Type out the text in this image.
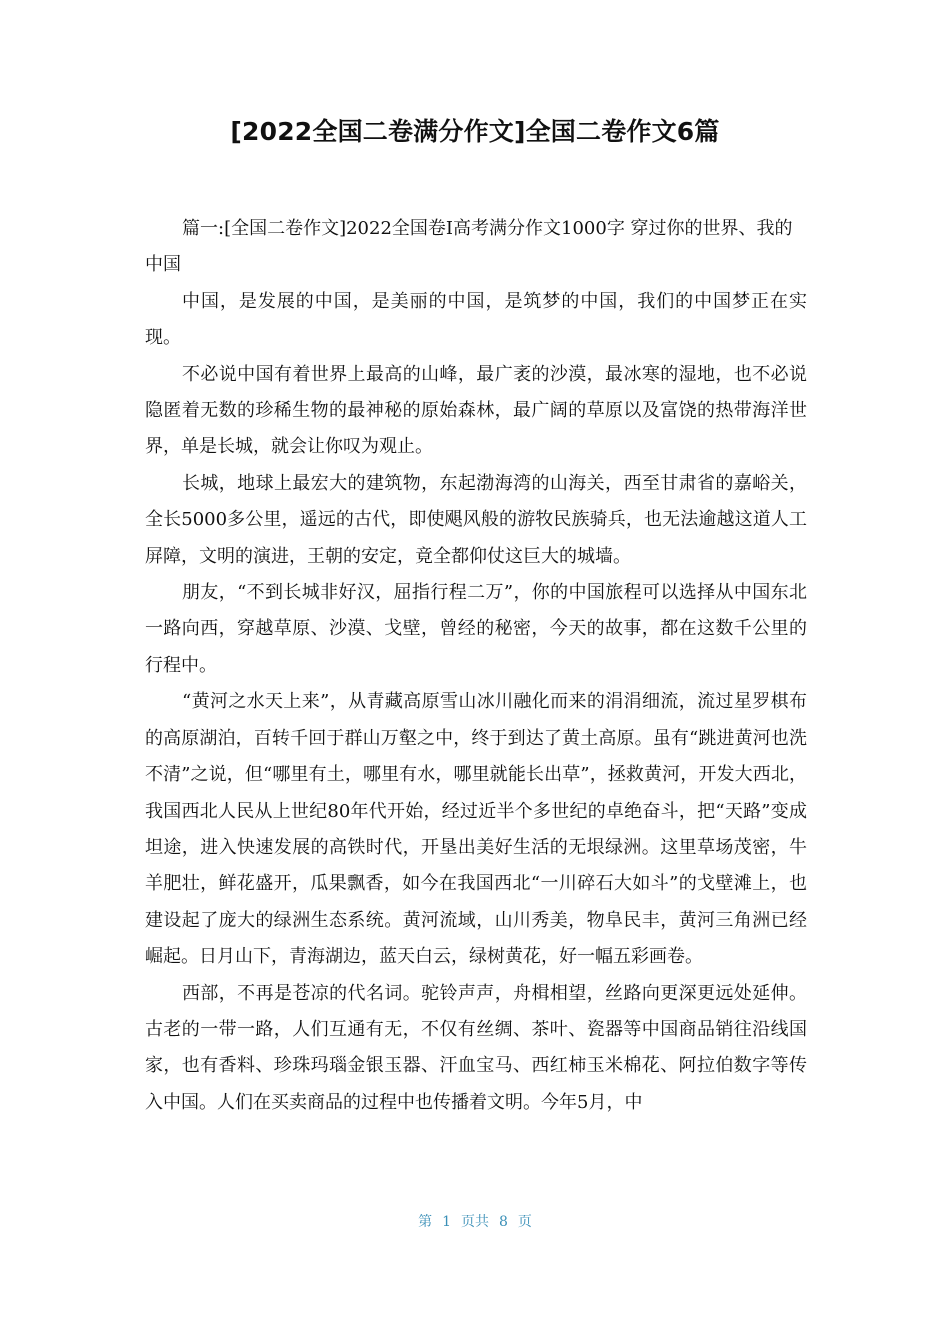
[2022全国二卷满分作文]全国二卷作文6篇

篇一:[全国二卷作文]2022全国卷Ⅰ高考满分作文1000字 穿过你的世界、我的中国

中国，是发展的中国，是美丽的中国，是筑梦的中国，我们的中国梦正在实现。

不必说中国有着世界上最高的山峰，最广袤的沙漠，最冰寒的湿地，也不必说隐匿着无数的珍稀生物的最神秘的原始森林，最广阔的草原以及富饶的热带海洋世界，单是长城，就会让你叹为观止。

长城，地球上最宏大的建筑物，东起渤海湾的山海关，西至甘肃省的嘉峪关，全长5000多公里，遥远的古代，即使飓风般的游牧民族骑兵，也无法逾越这道人工屏障，文明的演进，王朝的安定，竟全都仰仗这巨大的城墙。

朋友，“不到长城非好汉，屈指行程二万”，你的中国旅程可以选择从中国东北一路向西，穿越草原、沙漠、戈壁，曾经的秘密，今天的故事，都在这数千公里的行程中。

“黄河之水天上来”，从青藏高原雪山冰川融化而来的涓涓细流，流过星罗棋布的高原湖泊，百转千回于群山万壑之中，终于到达了黄土高原。虽有“跳进黄河也洗不清”之说，但“哪里有土，哪里有水，哪里就能长出草”，拯救黄河，开发大西北，我国西北人民从上世纪80年代开始，经过近半个多世纪的卓绝奋斗，把“天路”变成坦途，进入快速发展的高铁时代，开垦出美好生活的无垠绿洲。这里草场茂密，牛羊肥壮，鲜花盛开，瓜果飘香，如今在我国西北“一川碎石大如斗”的戈壁滩上，也建设起了庞大的绿洲生态系统。黄河流域，山川秀美，物阜民丰，黄河三角洲已经崛起。日月山下，青海湖边，蓝天白云，绿树黄花，好一幅五彩画卷。

西部，不再是苍凉的代名词。驼铃声声，舟楫相望，丝路向更深更远处延伸。古老的一带一路，人们互通有无，不仅有丝绸、茶叶、瓷器等中国商品销往沿线国家，也有香料、珍珠玛瑙金银玉器、汗血宝马、西红柿玉米棉花、阿拉伯数字等传入中国。人们在买卖商品的过程中也传播着文明。今年5月，中

第 1 页共 8 页
